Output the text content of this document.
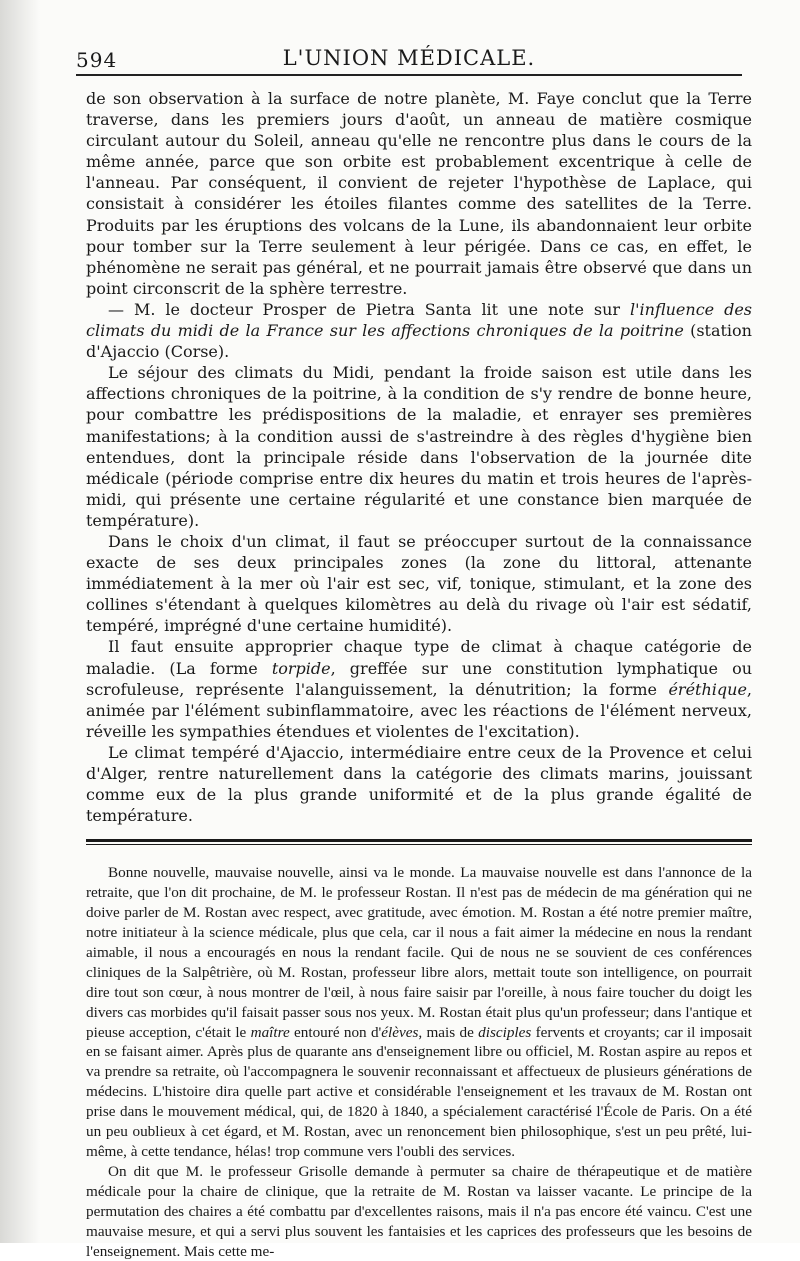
594	L'UNION MÉDICALE.

de son observation à la surface de notre planète, M. Faye conclut que la Terre traverse, dans les premiers jours d'août, un anneau de matière cosmique circulant autour du Soleil, anneau qu'elle ne rencontre plus dans le cours de la même année, parce que son orbite est probablement excentrique à celle de l'anneau. Par conséquent, il convient de rejeter l'hypothèse de Laplace, qui consistait à considérer les étoiles filantes comme des satellites de la Terre. Produits par les éruptions des volcans de la Lune, ils abandonnaient leur orbite pour tomber sur la Terre seulement à leur périgée. Dans ce cas, en effet, le phénomène ne serait pas général, et ne pourrait jamais être observé que dans un point circonscrit de la sphère terrestre.

— M. le docteur Prosper de Pietra Santa lit une note sur l'influence des climats du midi de la France sur les affections chroniques de la poitrine (station d'Ajaccio (Corse).

Le séjour des climats du Midi, pendant la froide saison est utile dans les affections chroniques de la poitrine, à la condition de s'y rendre de bonne heure, pour combattre les prédispositions de la maladie, et enrayer ses premières manifestations; à la condition aussi de s'astreindre à des règles d'hygiène bien entendues, dont la principale réside dans l'observation de la journée dite médicale (période comprise entre dix heures du matin et trois heures de l'après-midi, qui présente une certaine régularité et une constance bien marquée de température).

Dans le choix d'un climat, il faut se préoccuper surtout de la connaissance exacte de ses deux principales zones (la zone du littoral, attenante immédiatement à la mer où l'air est sec, vif, tonique, stimulant, et la zone des collines s'étendant à quelques kilomètres au delà du rivage où l'air est sédatif, tempéré, imprégné d'une certaine humidité).

Il faut ensuite approprier chaque type de climat à chaque catégorie de maladie. (La forme torpide, greffée sur une constitution lymphatique ou scrofuleuse, représente l'alanguissement, la dénutrition; la forme éréthique, animée par l'élément subinflammatoire, avec les réactions de l'élément nerveux, réveille les sympathies étendues et violentes de l'excitation).

Le climat tempéré d'Ajaccio, intermédiaire entre ceux de la Provence et celui d'Alger, rentre naturellement dans la catégorie des climats marins, jouissant comme eux de la plus grande uniformité et de la plus grande égalité de température.

Bonne nouvelle, mauvaise nouvelle, ainsi va le monde. La mauvaise nouvelle est dans l'annonce de la retraite, que l'on dit prochaine, de M. le professeur Rostan. Il n'est pas de médecin de ma génération qui ne doive parler de M. Rostan avec respect, avec gratitude, avec émotion. M. Rostan a été notre premier maître, notre initiateur à la science médicale, plus que cela, car il nous a fait aimer la médecine en nous la rendant aimable, il nous a encouragés en nous la rendant facile. Qui de nous ne se souvient de ces conférences cliniques de la Salpêtrière, où M. Rostan, professeur libre alors, mettait toute son intelligence, on pourrait dire tout son cœur, à nous montrer de l'œil, à nous faire saisir par l'oreille, à nous faire toucher du doigt les divers cas morbides qu'il faisait passer sous nos yeux. M. Rostan était plus qu'un professeur; dans l'antique et pieuse acception, c'était le maître entouré non d'élèves, mais de disciples fervents et croyants; car il imposait en se faisant aimer. Après plus de quarante ans d'enseignement libre ou officiel, M. Rostan aspire au repos et va prendre sa retraite, où l'accompagnera le souvenir reconnaissant et affectueux de plusieurs générations de médecins. L'histoire dira quelle part active et considérable l'enseignement et les travaux de M. Rostan ont prise dans le mouvement médical, qui, de 1820 à 1840, a spécialement caractérisé l'École de Paris. On a été un peu oublieux à cet égard, et M. Rostan, avec un renoncement bien philosophique, s'est un peu prêté, lui-même, à cette tendance, hélas! trop commune vers l'oubli des services.

On dit que M. le professeur Grisolle demande à permuter sa chaire de thérapeutique et de matière médicale pour la chaire de clinique, que la retraite de M. Rostan va laisser vacante. Le principe de la permutation des chaires a été combattu par d'excellentes raisons, mais il n'a pas encore été vaincu. C'est une mauvaise mesure, et qui a servi plus souvent les fantaisies et les caprices des professeurs que les besoins de l'enseignement. Mais cette me-
